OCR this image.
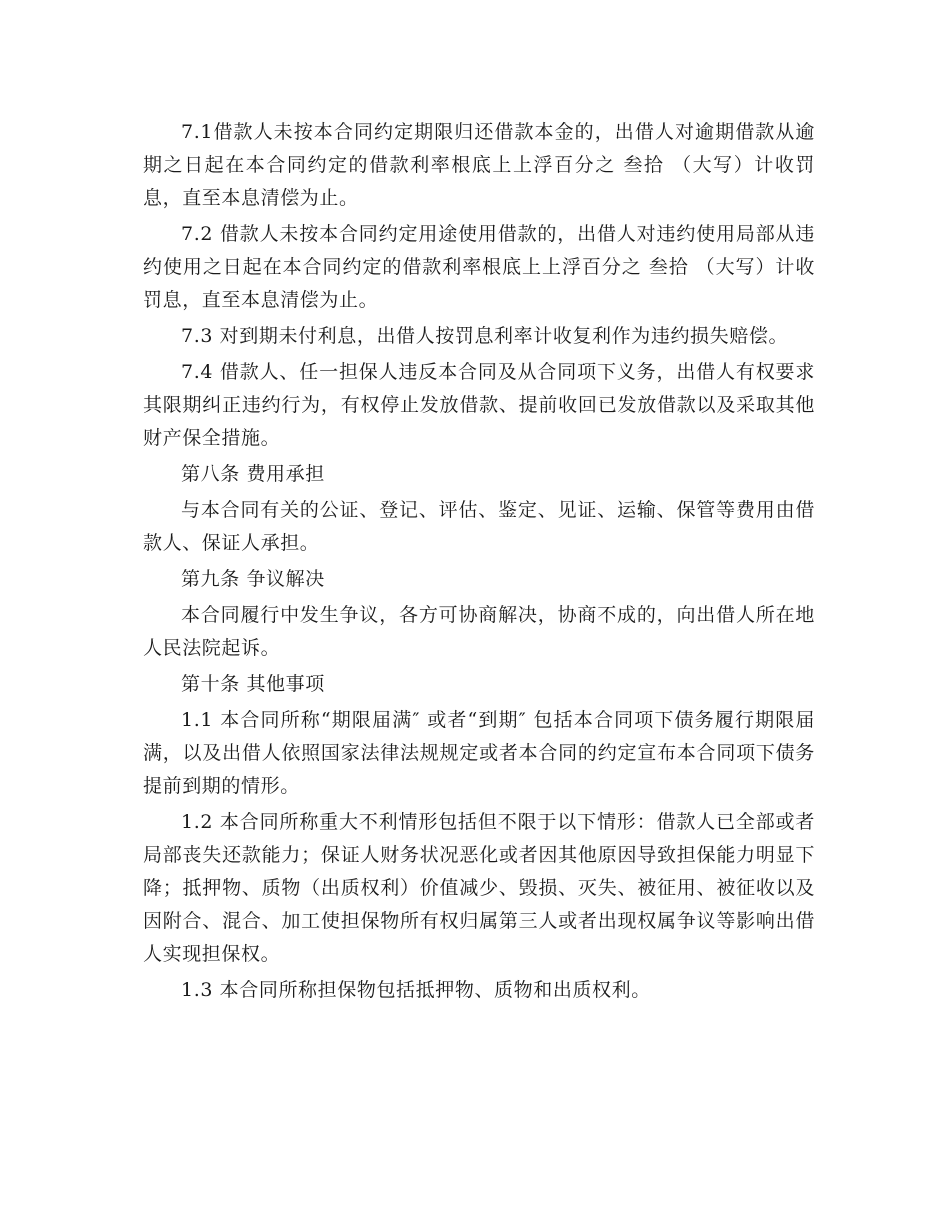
7.1借款人未按本合同约定期限归还借款本金的，出借人对逾期借款从逾期之日起在本合同约定的借款利率根底上上浮百分之 叁拾 （大写）计收罚息，直至本息清偿为止。

7.2 借款人未按本合同约定用途使用借款的，出借人对违约使用局部从违约使用之日起在本合同约定的借款利率根底上上浮百分之 叁拾 （大写）计收罚息，直至本息清偿为止。

7.3 对到期未付利息，出借人按罚息利率计收复利作为违约损失赔偿。

7.4 借款人、任一担保人违反本合同及从合同项下义务，出借人有权要求其限期纠正违约行为，有权停止发放借款、提前收回已发放借款以及采取其他财产保全措施。

第八条 费用承担

与本合同有关的公证、登记、评估、鉴定、见证、运输、保管等费用由借款人、保证人承担。

第九条 争议解决

本合同履行中发生争议，各方可协商解决，协商不成的，向出借人所在地人民法院起诉。

第十条 其他事项

1.1 本合同所称“期限届满″ 或者“到期″ 包括本合同项下债务履行期限届满，以及出借人依照国家法律法规规定或者本合同的约定宣布本合同项下债务提前到期的情形。

1.2 本合同所称重大不利情形包括但不限于以下情形：借款人已全部或者局部丧失还款能力；保证人财务状况恶化或者因其他原因导致担保能力明显下降；抵押物、质物（出质权利）价值减少、毁损、灭失、被征用、被征收以及因附合、混合、加工使担保物所有权归属第三人或者出现权属争议等影响出借人实现担保权。

1.3 本合同所称担保物包括抵押物、质物和出质权利。
